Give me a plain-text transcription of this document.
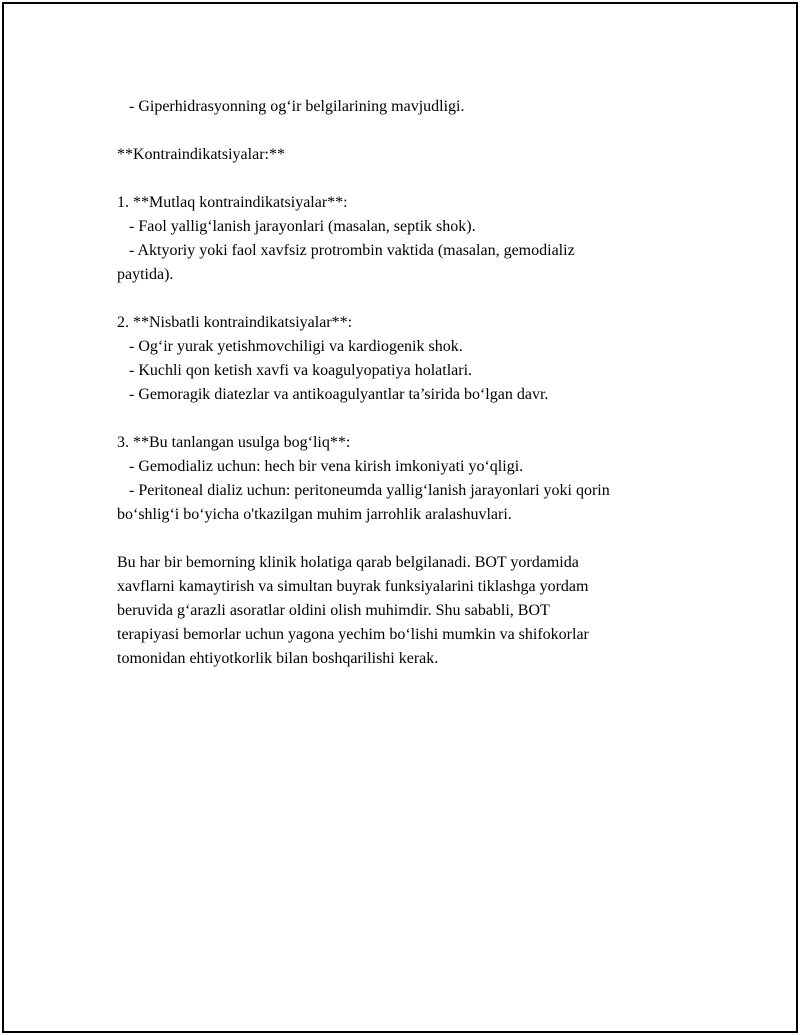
- Giperhidrasyonning og‘ir belgilarining mavjudligi.
**Kontraindikatsiyalar:**
1. **Mutlaq kontraindikatsiyalar**:
- Faol yallig‘lanish jarayonlari (masalan, septik shok).
- Aktyoriy yoki faol xavfsiz protrombin vaktida (masalan, gemodializ
paytida).
2. **Nisbatli kontraindikatsiyalar**:
- Og‘ir yurak yetishmovchiligi va kardiogenik shok.
- Kuchli qon ketish xavfi va koagulyopatiya holatlari.
- Gemoragik diatezlar va antikoagulyantlar ta’sirida bo‘lgan davr.
3. **Bu tanlangan usulga bog‘liq**:
- Gemodializ uchun: hech bir vena kirish imkoniyati yo‘qligi.
- Peritoneal dializ uchun: peritoneumda yallig‘lanish jarayonlari yoki qorin
bo‘shlig‘i bo‘yicha o'tkazilgan muhim jarrohlik aralashuvlari.
Bu har bir bemorning klinik holatiga qarab belgilanadi. BOT yordamida
xavflarni kamaytirish va simultan buyrak funksiyalarini tiklashga yordam
beruvida g‘arazli asoratlar oldini olish muhimdir. Shu sababli, BOT
terapiyasi bemorlar uchun yagona yechim bo‘lishi mumkin va shifokorlar
tomonidan ehtiyotkorlik bilan boshqarilishi kerak.
